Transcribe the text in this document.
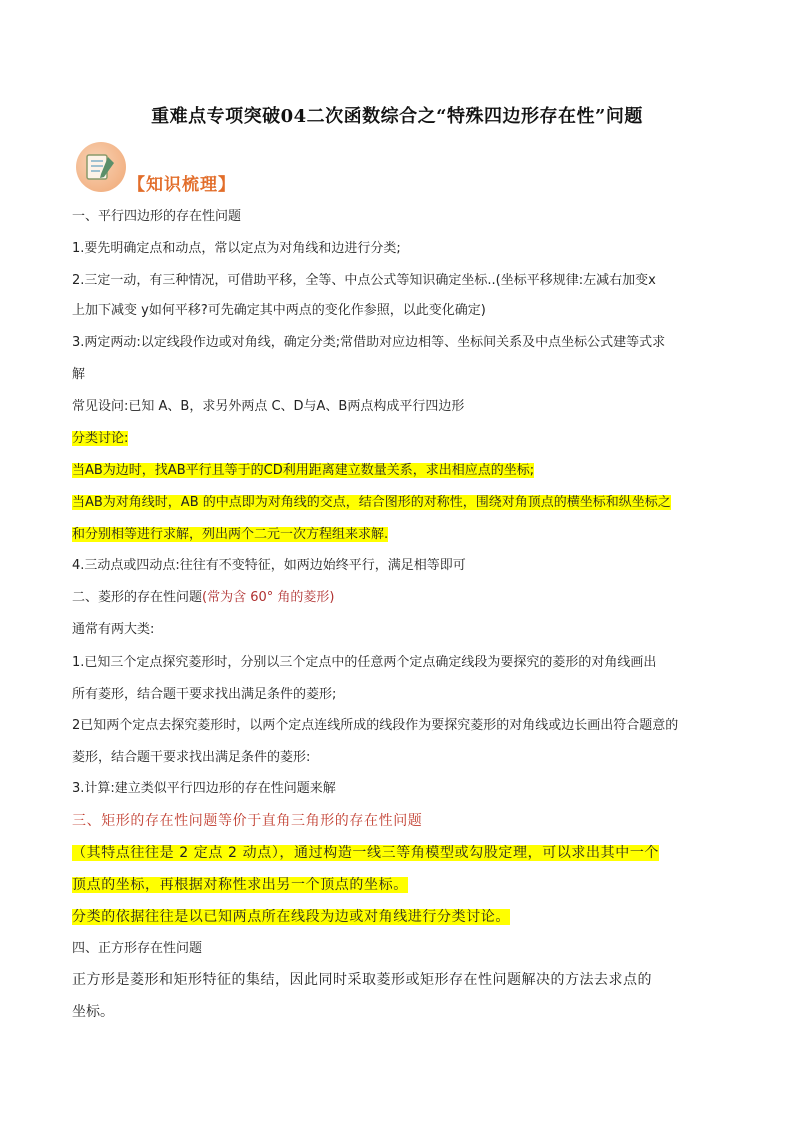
重难点专项突破04二次函数综合之“特殊四边形存在性”问题
【知识梳理】
一、平行四边形的存在性问题
1.要先明确定点和动点，常以定点为对角线和边进行分类;
2.三定一动，有三种情况，可借助平移，全等、中点公式等知识确定坐标..(坐标平移规律:左减右加变x
上加下减变 y如何平移?可先确定其中两点的变化作参照，以此变化确定)
3.两定两动:以定线段作边或对角线，确定分类;常借助对应边相等、坐标间关系及中点坐标公式建等式求
解
常见设问:已知 A、B，求另外两点 C、D与A、B两点构成平行四边形
分类讨论:
当AB为边时，找AB平行且等于的CD利用距离建立数量关系，求出相应点的坐标;
当AB为对角线时，AB 的中点即为对角线的交点，结合图形的对称性，围绕对角顶点的横坐标和纵坐标之
和分别相等进行求解，列出两个二元一次方程组来求解.
4.三动点或四动点:往往有不变特征，如两边始终平行，满足相等即可
二、菱形的存在性问题(常为含 60° 角的菱形)
通常有两大类:
1.已知三个定点探究菱形时，分别以三个定点中的任意两个定点确定线段为要探究的菱形的对角线画出
所有菱形，结合题干要求找出满足条件的菱形;
2已知两个定点去探究菱形时，以两个定点连线所成的线段作为要探究菱形的对角线或边长画出符合题意的
菱形，结合题干要求找出满足条件的菱形:
3.计算:建立类似平行四边形的存在性问题来解
三、矩形的存在性问题等价于直角三角形的存在性问题
（其特点往往是 2 定点 2 动点），通过构造一线三等角模型或勾股定理，可以求出其中一个
顶点的坐标，再根据对称性求出另一个顶点的坐标。
分类的依据往往是以已知两点所在线段为边或对角线进行分类讨论。
四、正方形存在性问题
正方形是菱形和矩形特征的集结，因此同时采取菱形或矩形存在性问题解决的方法去求点的
坐标。
